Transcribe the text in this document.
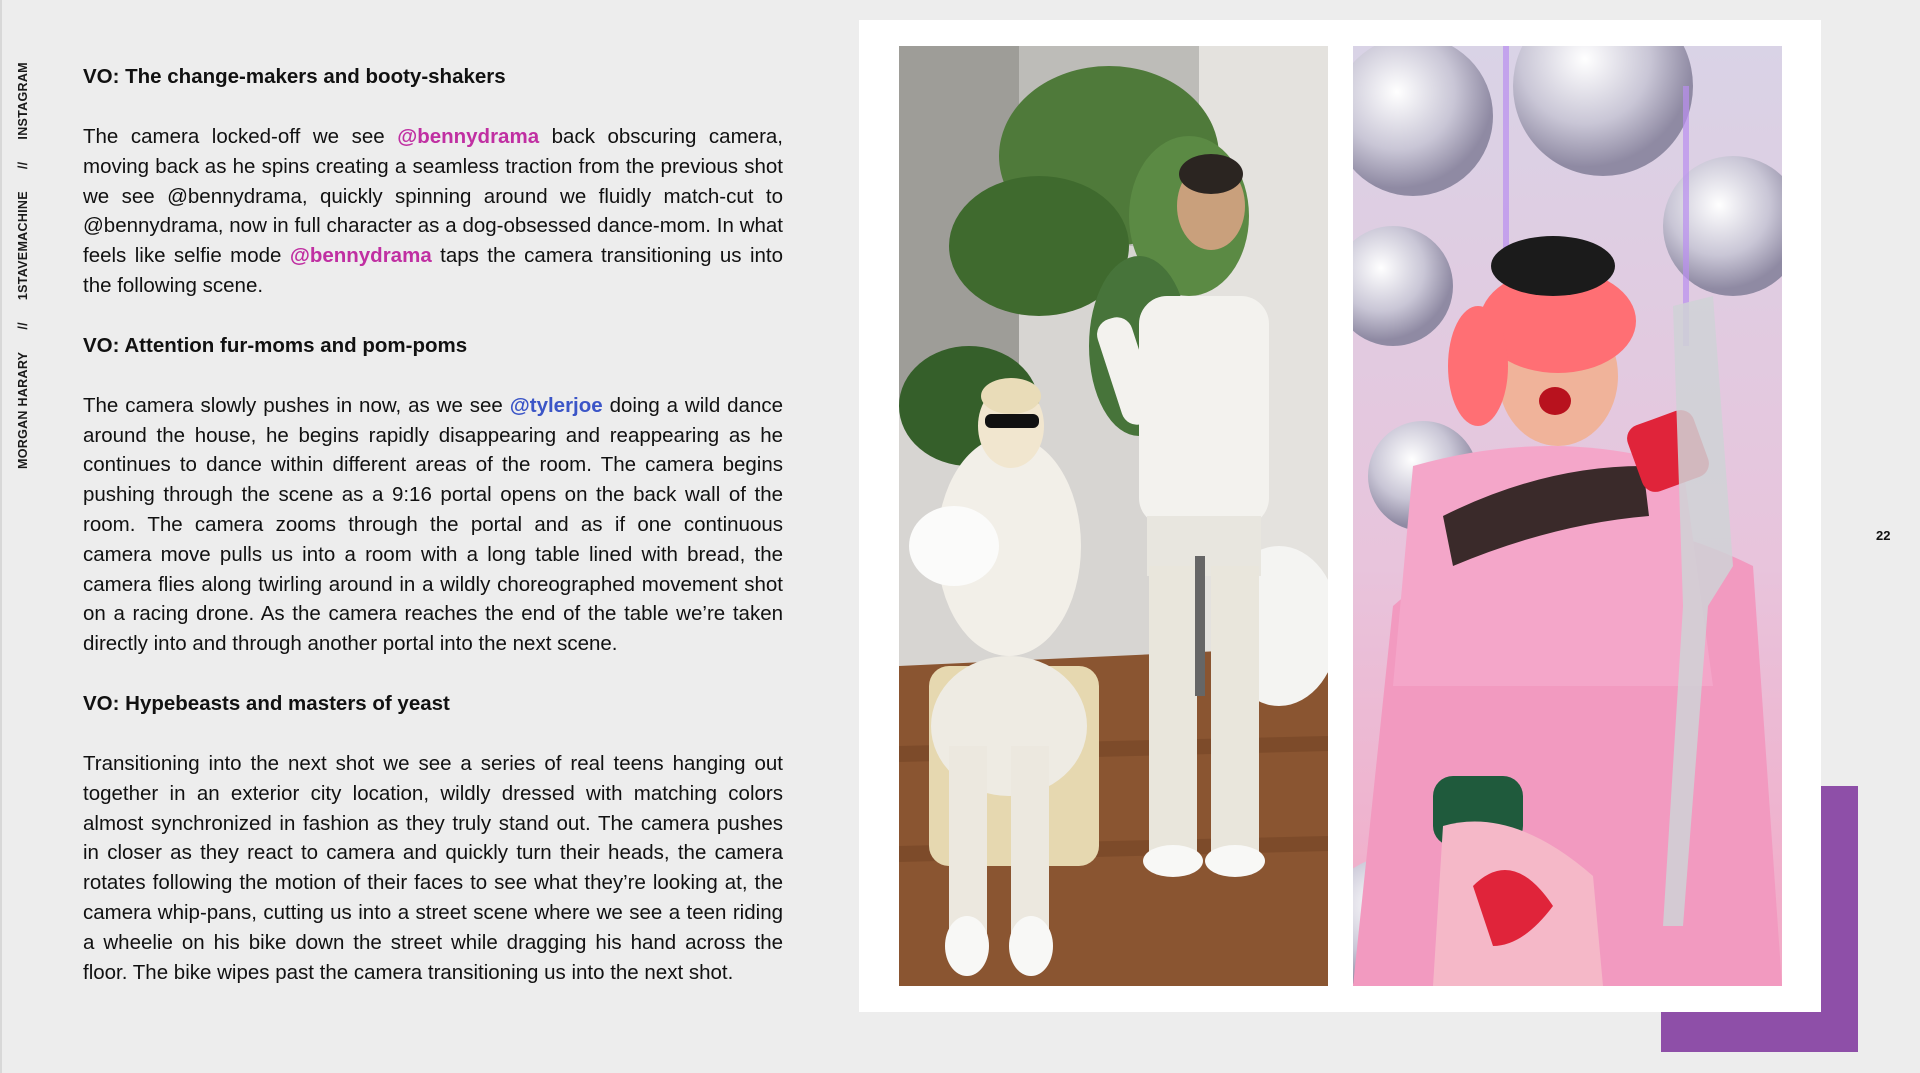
MORGAN HARARY//1STAVEMACHINE//INSTAGRAM	VO: The change-makers and booty-shakers

The camera locked-off we see @bennydrama back obscuring camera, moving back as he spins creating a seamless traction from the previous shot we see @bennydrama, quickly spinning around we fluidly match-cut to @bennydrama, now in full character as a dog-obsessed dance-mom. In what feels like selfie mode @bennydrama taps the camera transitioning us into the following scene.

VO: Attention fur-moms and pom-poms

The camera slowly pushes in now, as we see @tylerjoe doing a wild dance around the house, he begins rapidly disappearing and reappearing as he continues to dance within different areas of the room. The camera begins pushing through the scene as a 9:16 portal opens on the back wall of the room. The camera zooms through the portal and as if one continuous camera move pulls us into a room with a long table lined with bread, the camera flies along twirling around in a wildly choreographed movement shot on a racing drone. As the camera reaches the end of the table we’re taken directly into and through another portal into the next scene.

VO: Hypebeasts and masters of yeast

Transitioning into the next shot we see a series of real teens hanging out together in an exterior city location, wildly dressed with matching colors almost synchronized in fashion as they truly stand out. The camera pushes in closer as they react to camera and quickly turn their heads, the camera rotates following the motion of their faces to see what they’re looking at, the camera whip-pans, cutting us into a street scene where we see a teen riding a wheelie on his bike down the street while dragging his hand across the floor. The bike wipes past the camera transitioning us into the next shot.

22
